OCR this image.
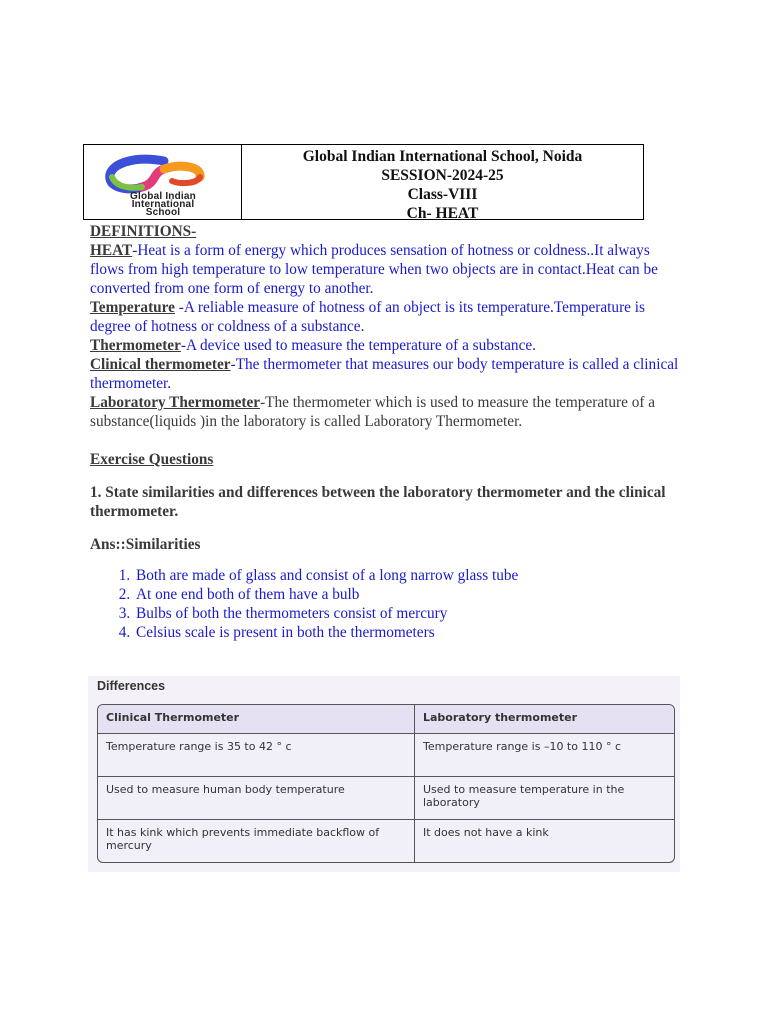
Global Indian
International
School
Global Indian International School, Noida
SESSION-2024-25
Class-VIII
Ch- HEAT

DEFINITIONS-

HEAT-Heat is a form of energy which produces sensation of hotness or coldness..It always flows from high temperature to low temperature when two objects are in contact.Heat can be converted from one form of energy to another.

Temperature -A reliable measure of hotness of an object is its temperature.Temperature is degree of hotness or coldness of a substance.

Thermometer-A device used to measure the temperature of a substance.

Clinical thermometer-The thermometer that measures our body temperature is called a clinical thermometer.

Laboratory Thermometer-The thermometer which is used to measure the temperature of a substance(liquids )in the laboratory is called Laboratory Thermometer.

Exercise Questions

1. State similarities and differences between the laboratory thermometer and the clinical thermometer.

Ans::Similarities

1. Both are made of glass and consist of a long narrow glass tube
2. At one end both of them have a bulb
3. Bulbs of both the thermometers consist of mercury
4. Celsius scale is present in both the thermometers
Differences
Clinical Thermometer	Laboratory thermometer
Temperature range is 35 to 42 ° c	Temperature range is –10 to 110 ° c
Used to measure human body temperature	Used to measure temperature in the laboratory
It has kink which prevents immediate backflow of mercury	It does not have a kink
